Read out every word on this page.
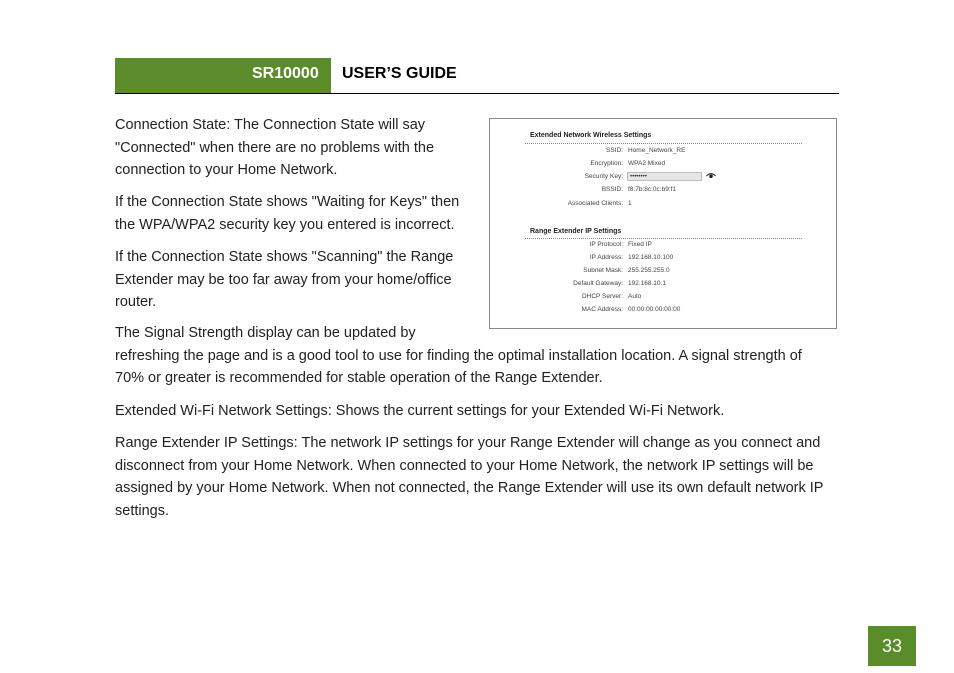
SR10000 USER’S GUIDE

Connection State: The Connection State will say "Connected" when there are no problems with the connection to your Home Network.

If the Connection State shows "Waiting for Keys" then the WPA/WPA2 security key you entered is incorrect.

If the Connection State shows "Scanning" the Range Extender may be too far away from your home/office router.

The Signal Strength display can be updated by
refreshing the page and is a good tool to use for finding the optimal installation location. A signal strength of
70% or greater is recommended for stable operation of the Range Extender.

Extended Wi-Fi Network Settings: Shows the current settings for your Extended Wi-Fi Network.

Range Extender IP Settings: The network IP settings for your Range Extender will change as you connect and disconnect from your Home Network. When connected to your Home Network, the network IP settings will be assigned by your Home Network. When not connected, the Range Extender will use its own default network IP settings.

Extended Network Wireless Settings
SSID: Home_Network_RE
Encryption: WPA2 Mixed
Security Key:	••••••••
BSSID: f8:7b:8c:0c:b9:f1
Associated Clients: 1
Range Extender IP Settings
IP Protocol: Fixed IP
IP Address: 192.168.10.100
Subnet Mask: 255.255.255.0
Default Gateway: 192.168.10.1
DHCP Server: Auto
MAC Address: 00:00:00:00:00:00
33
